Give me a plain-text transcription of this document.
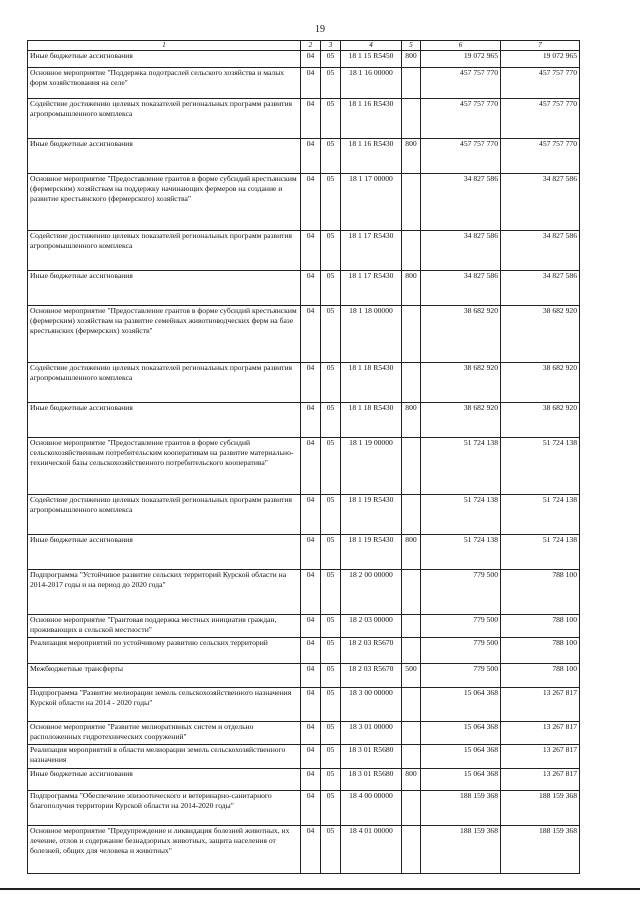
19
1	2	3	4	5	6	7
Иные бюджетные ассигнования	04	05	18 1 15 R5450	800	19 072 965	19 072 965
Основное мероприятие "Поддержка подотраслей сельского хозяйства и малых форм хозяйствования на селе"	04	05	18 1 16 00000		457 757 770	457 757 770
Содействие достижению целевых показателей региональных программ развития агропромышленного комплекса	04	05	18 1 16 R5430		457 757 770	457 757 770
Иные бюджетные ассигнования	04	05	18 1 16 R5430	800	457 757 770	457 757 770
Основное мероприятие "Предоставление грантов в форме субсидий крестьянским (фермерским) хозяйствам на поддержку начинающих фермеров на создание и развитие крестьянского (фермерского) хозяйства"	04	05	18 1 17 00000		34 827 586	34 827 586
Содействие достижению целевых показателей региональных программ развития агропромышленного комплекса	04	05	18 1 17 R5430		34 827 586	34 827 586
Иные бюджетные ассигнования	04	05	18 1 17 R5430	800	34 827 586	34 827 586
Основное мероприятие "Предоставление грантов в форме субсидий крестьянским (фермерским) хозяйствам на развитие семейных животноводческих ферм на базе крестьянских (фермерских) хозяйств"	04	05	18 1 18 00000		38 682 920	38 682 920
Содействие достижению целевых показателей региональных программ развития агропромышленного комплекса	04	05	18 1 18 R5430		38 682 920	38 682 920
Иные бюджетные ассигнования	04	05	18 1 18 R5430	800	38 682 920	38 682 920
Основное мероприятие "Предоставление грантов в форме субсидий сельскохозяйственным потребительским кооперативам на развитие материально-технической базы сельскохозяйственного потребительского кооператива"	04	05	18 1 19 00000		51 724 138	51 724 138
Содействие достижению целевых показателей региональных программ развития агропромышленного комплекса	04	05	18 1 19 R5430		51 724 138	51 724 138
Иные бюджетные ассигнования	04	05	18 1 19 R5430	800	51 724 138	51 724 138
Подпрограмма "Устойчивое развитие сельских территорий Курской области на 2014-2017 годы и на период до 2020 года"	04	05	18 2 00 00000		779 500	788 100
Основное мероприятие "Грантовая поддержка местных инициатив граждан, проживающих в сельской местности"	04	05	18 2 03 00000		779 500	788 100
Реализация мероприятий по устойчивому развитию сельских территорий	04	05	18 2 03 R5670		779 500	788 100
Межбюджетные трансферты	04	05	18 2 03 R5670	500	779 500	788 100
Подпрограмма "Развитие мелиорации земель сельскохозяйственного назначения Курской области на 2014 - 2020 годы"	04	05	18 3 00 00000		15 064 368	13 267 817
Основное мероприятие "Развитие мелиоративных систем и отдельно расположенных гидротехнических сооружений"	04	05	18 3 01 00000		15 064 368	13 267 817
Реализация мероприятий в области мелиорации земель сельскохозяйственного назначения	04	05	18 3 01 R5680		15 064 368	13 267 817
Иные бюджетные ассигнования	04	05	18 3 01 R5680	800	15 064 368	13 267 817
Подпрограмма "Обеспечение эпизоотического и ветеринарно-санитарного благополучия территории Курской области на 2014-2020 годы"	04	05	18 4 00 00000		188 159 368	188 159 368
Основное мероприятие "Предупреждение и ликвидация болезней животных, их лечение, отлов и содержание безнадзорных животных, защита населения от болезней, общих для человека и животных"	04	05	18 4 01 00000		188 159 368	188 159 368
